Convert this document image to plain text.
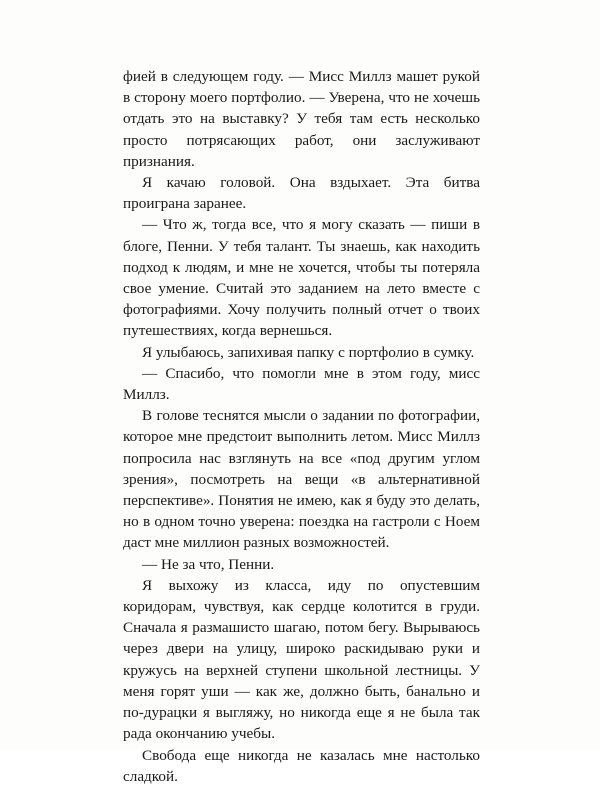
фией в следующем году. — Мисс Миллз машет рукой в сторону моего портфолио. — Уверена, что не хочешь отдать это на выставку? У тебя там есть несколько просто потрясающих работ, они заслуживают признания.

Я качаю головой. Она вздыхает. Эта битва проиграна заранее.

— Что ж, тогда все, что я могу сказать — пиши в блоге, Пенни. У тебя талант. Ты знаешь, как находить подход к людям, и мне не хочется, чтобы ты потеряла свое умение. Считай это заданием на лето вместе с фотографиями. Хочу получить полный отчет о твоих путешествиях, когда вернешься.

Я улыбаюсь, запихивая папку с портфолио в сумку.

— Спасибо, что помогли мне в этом году, мисс Миллз.

В голове теснятся мысли о задании по фотографии, которое мне предстоит выполнить летом. Мисс Миллз попросила нас взглянуть на все «под другим углом зрения», посмотреть на вещи «в альтернативной перспективе». Понятия не имею, как я буду это делать, но в одном точно уверена: поездка на гастроли с Ноем даст мне миллион разных возможностей.

— Не за что, Пенни.

Я выхожу из класса, иду по опустевшим коридорам, чувствуя, как сердце колотится в груди. Сначала я размашисто шагаю, потом бегу. Вырываюсь через двери на улицу, широко раскидываю руки и кружусь на верхней ступени школьной лестницы. У меня горят уши — как же, должно быть, банально и по-дурацки я выгляжу, но никогда еще я не была так рада окончанию учебы.

Свобода еще никогда не казалась мне настолько сладкой.
